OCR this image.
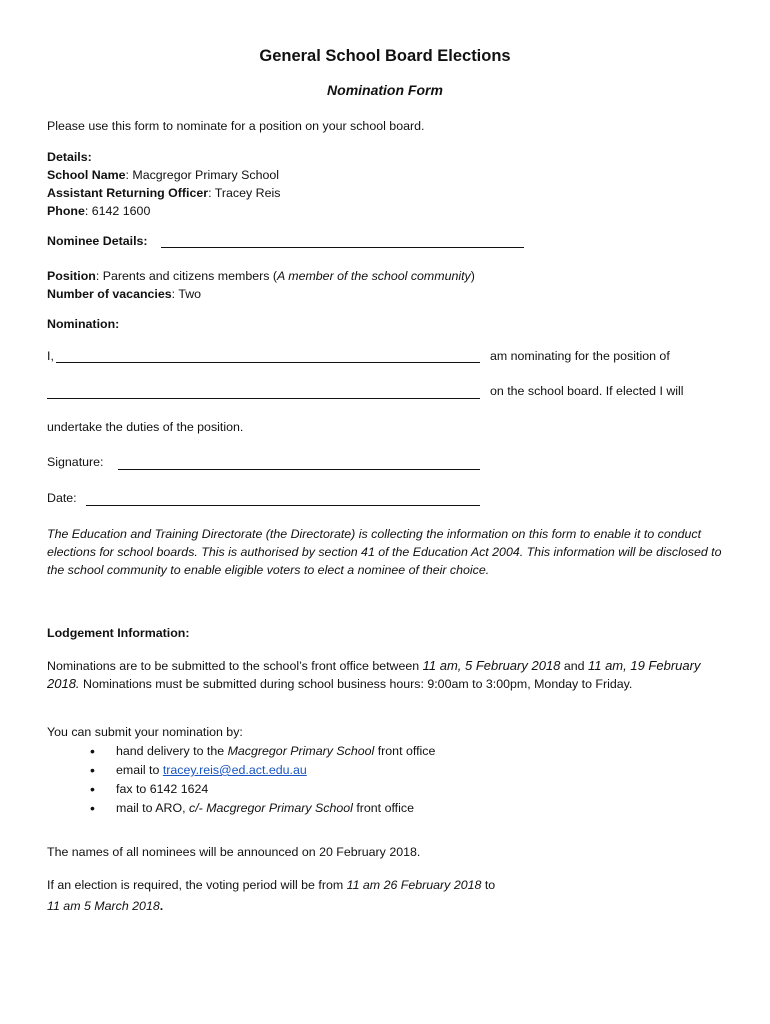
General School Board Elections
Nomination Form
Please use this form to nominate for a position on your school board.
Details:
School Name: Macgregor Primary School
Assistant Returning Officer: Tracey Reis
Phone: 6142 1600
Nominee Details:
Position: Parents and citizens members (A member of the school community)
Number of vacancies: Two
Nomination:
I,	am nominating for the position of
on the school board. If elected I will
undertake the duties of the position.
Signature:
Date:
The Education and Training Directorate (the Directorate) is collecting the information on this form to enable it to conduct elections for school boards. This is authorised by section 41 of the Education Act 2004. This information will be disclosed to the school community to enable eligible voters to elect a nominee of their choice.
Lodgement Information:
Nominations are to be submitted to the school’s front office between 11 am, 5 February 2018 and 11 am, 19 February 2018. Nominations must be submitted during school business hours: 9:00am to 3:00pm, Monday to Friday.
You can submit your nomination by:
• hand delivery to the Macgregor Primary School front office
• email to tracey.reis@ed.act.edu.au
• fax to 6142 1624
• mail to ARO, c/- Macgregor Primary School front office
The names of all nominees will be announced on 20 February 2018.
If an election is required, the voting period will be from 11 am 26 February 2018 to
11 am 5 March 2018.
